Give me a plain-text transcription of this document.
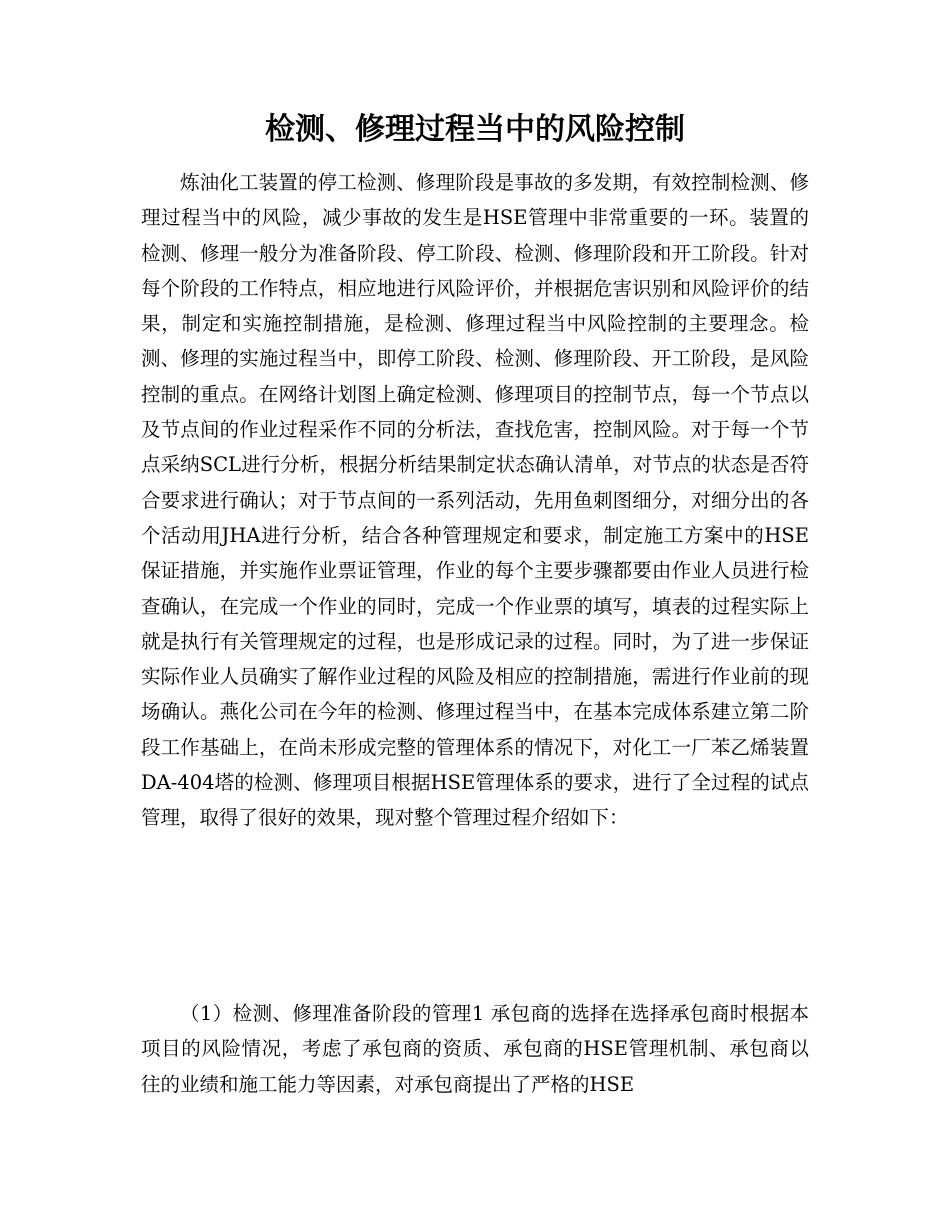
检测、修理过程当中的风险控制

炼油化工装置的停工检测、修理阶段是事故的多发期，有效控制检测、修理过程当中的风险，减少事故的发生是HSE管理中非常重要的一环。装置的检测、修理一般分为准备阶段、停工阶段、检测、修理阶段和开工阶段。针对每个阶段的工作特点，相应地进行风险评价，并根据危害识别和风险评价的结果，制定和实施控制措施，是检测、修理过程当中风险控制的主要理念。检测、修理的实施过程当中，即停工阶段、检测、修理阶段、开工阶段，是风险控制的重点。在网络计划图上确定检测、修理项目的控制节点，每一个节点以及节点间的作业过程采作不同的分析法，查找危害，控制风险。对于每一个节点采纳SCL进行分析，根据分析结果制定状态确认清单，对节点的状态是否符合要求进行确认；对于节点间的一系列活动，先用鱼刺图细分，对细分出的各个活动用JHA进行分析，结合各种管理规定和要求，制定施工方案中的HSE保证措施，并实施作业票证管理，作业的每个主要步骤都要由作业人员进行检查确认，在完成一个作业的同时，完成一个作业票的填写，填表的过程实际上就是执行有关管理规定的过程，也是形成记录的过程。同时，为了进一步保证实际作业人员确实了解作业过程的风险及相应的控制措施，需进行作业前的现场确认。燕化公司在今年的检测、修理过程当中，在基本完成体系建立第二阶段工作基础上，在尚未形成完整的管理体系的情况下，对化工一厂苯乙烯装置DA-404塔的检测、修理项目根据HSE管理体系的要求，进行了全过程的试点管理，取得了很好的效果，现对整个管理过程介绍如下：

（1）检测、修理准备阶段的管理1 承包商的选择在选择承包商时根据本项目的风险情况，考虑了承包商的资质、承包商的HSE管理机制、承包商以往的业绩和施工能力等因素，对承包商提出了严格的HSE
